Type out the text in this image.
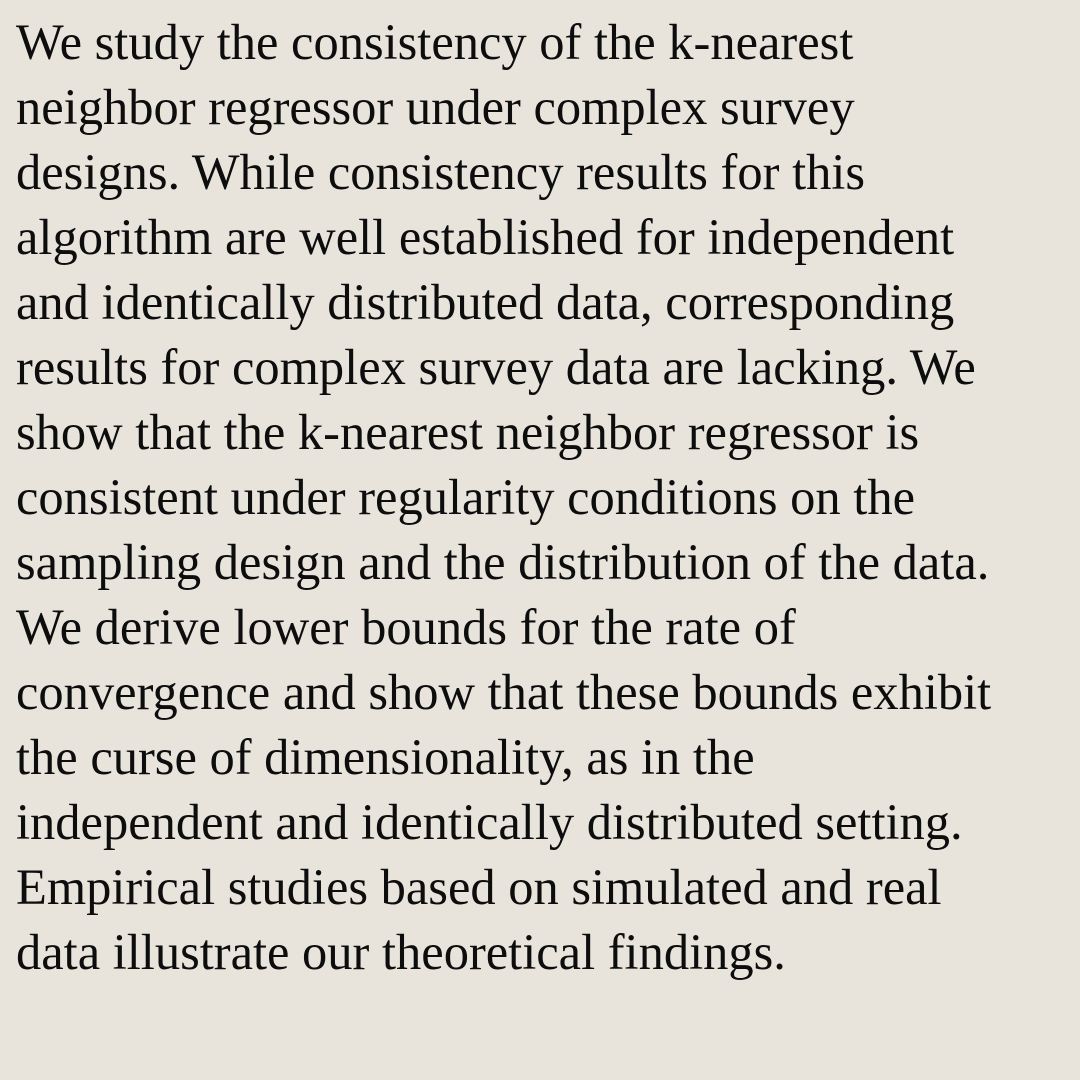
We study the consistency of the k-nearest
neighbor regressor under complex survey
designs. While consistency results for this
algorithm are well established for independent
and identically distributed data, corresponding
results for complex survey data are lacking. We
show that the k-nearest neighbor regressor is
consistent under regularity conditions on the
sampling design and the distribution of the data.
We derive lower bounds for the rate of
convergence and show that these bounds exhibit
the curse of dimensionality, as in the
independent and identically distributed setting.
Empirical studies based on simulated and real
data illustrate our theoretical findings.
